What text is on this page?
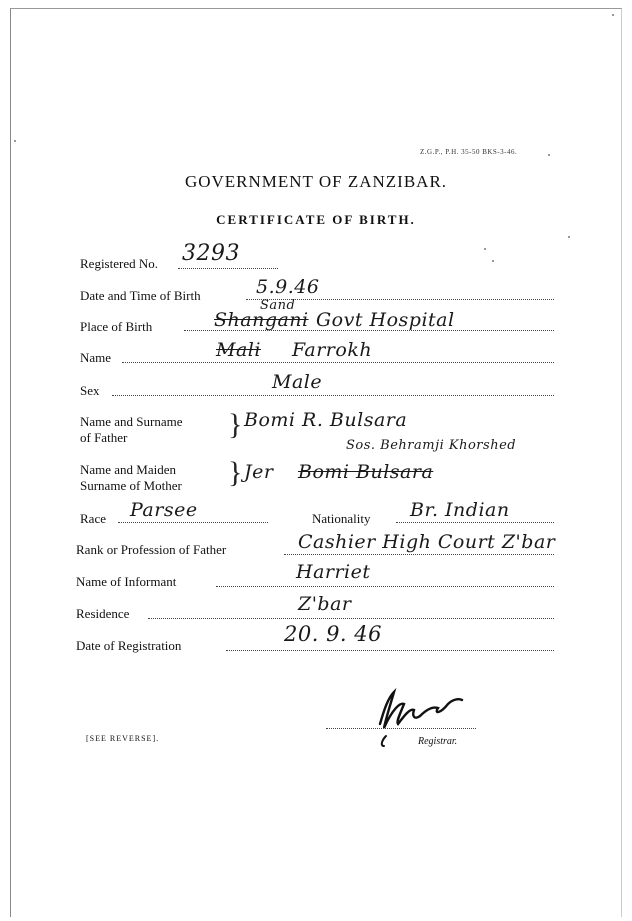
Z.G.P., P.H. 35-50 BKS-3-46.
GOVERNMENT OF ZANZIBAR.
CERTIFICATE OF BIRTH.
Registered No. 3293
Date and Time of Birth	5.9.46
Place of Birth	Shangani
Sand
Govt Hospital
Name	Mali Farrokh
Sex	Male
Name and Surname
of Father	} Bomi R. Bulsara
Sos. Behramji Khorshed
Name and Maiden
Surname of Mother } Jer Bomi Bulsara
Race Parsee	Nationality Br. Indian
Rank or Profession of Father	Cashier High Court Z'bar
Name of Informant	Harriet
Residence	Z'bar
Date of Registration	20. 9. 46
B Mann
Registrar.
[SEE REVERSE].
